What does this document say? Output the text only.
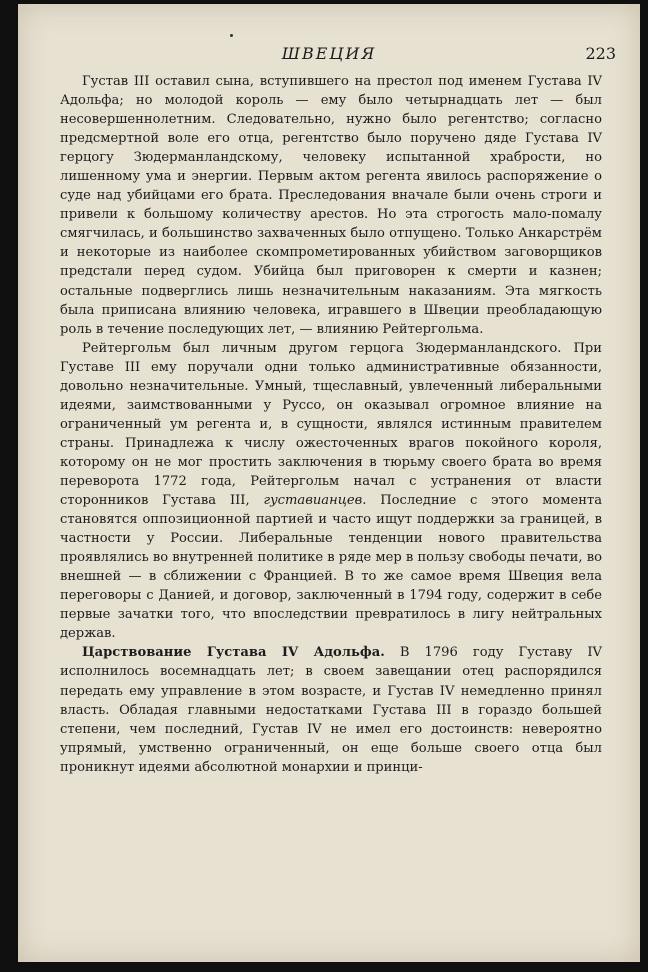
ШВЕЦИЯ	223

Густав III оставил сына, вступившего на престол под именем Густава IV Адольфа; но молодой король — ему было четырнадцать лет — был несовершеннолетним. Следовательно, нужно было регентство; согласно предсмертной воле его отца, регентство было поручено дяде Густава IV герцогу Зюдерманландскому, человеку испытанной храбрости, но лишенному ума и энергии. Первым актом регента явилось распоряжение о суде над убийцами его брата. Преследования вначале были очень строги и привели к большому количеству арестов. Но эта строгость мало-помалу смягчилась, и большинство захваченных было отпущено. Только Анкарстрём и некоторые из наиболее скомпрометированных убийством заговорщиков предстали перед судом. Убийца был приговорен к смерти и казнен; остальные подверглись лишь незначительным наказаниям. Эта мягкость была приписана влиянию человека, игравшего в Швеции преобладающую роль в течение последующих лет, — влиянию Рейтергольма.

Рейтергольм был личным другом герцога Зюдерманландского. При Густаве III ему поручали одни только административные обязанности, довольно незначительные. Умный, тщеславный, увлеченный либеральными идеями, заимствованными у Руссо, он оказывал огромное влияние на ограниченный ум регента и, в сущности, являлся истинным правителем страны. Принадлежа к числу ожесточенных врагов покойного короля, которому он не мог простить заключения в тюрьму своего брата во время переворота 1772 года, Рейтергольм начал с устранения от власти сторонников Густава III, густавианцев. Последние с этого момента становятся оппозиционной партией и часто ищут поддержки за границей, в частности у России. Либеральные тенденции нового правительства проявлялись во внутренней политике в ряде мер в пользу свободы печати, во внешней — в сближении с Францией. В то же самое время Швеция вела переговоры с Данией, и договор, заключенный в 1794 году, содержит в себе первые зачатки того, что впоследствии превратилось в лигу нейтральных держав.

Царствование Густава IV Адольфа. В 1796 году Густаву IV исполнилось восемнадцать лет; в своем завещании отец распорядился передать ему управление в этом возрасте, и Густав IV немедленно принял власть. Обладая главными недостатками Густава III в гораздо большей степени, чем последний, Густав IV не имел его достоинств: невероятно упрямый, умственно ограниченный, он еще больше своего отца был проникнут идеями абсолютной монархии и принци-
